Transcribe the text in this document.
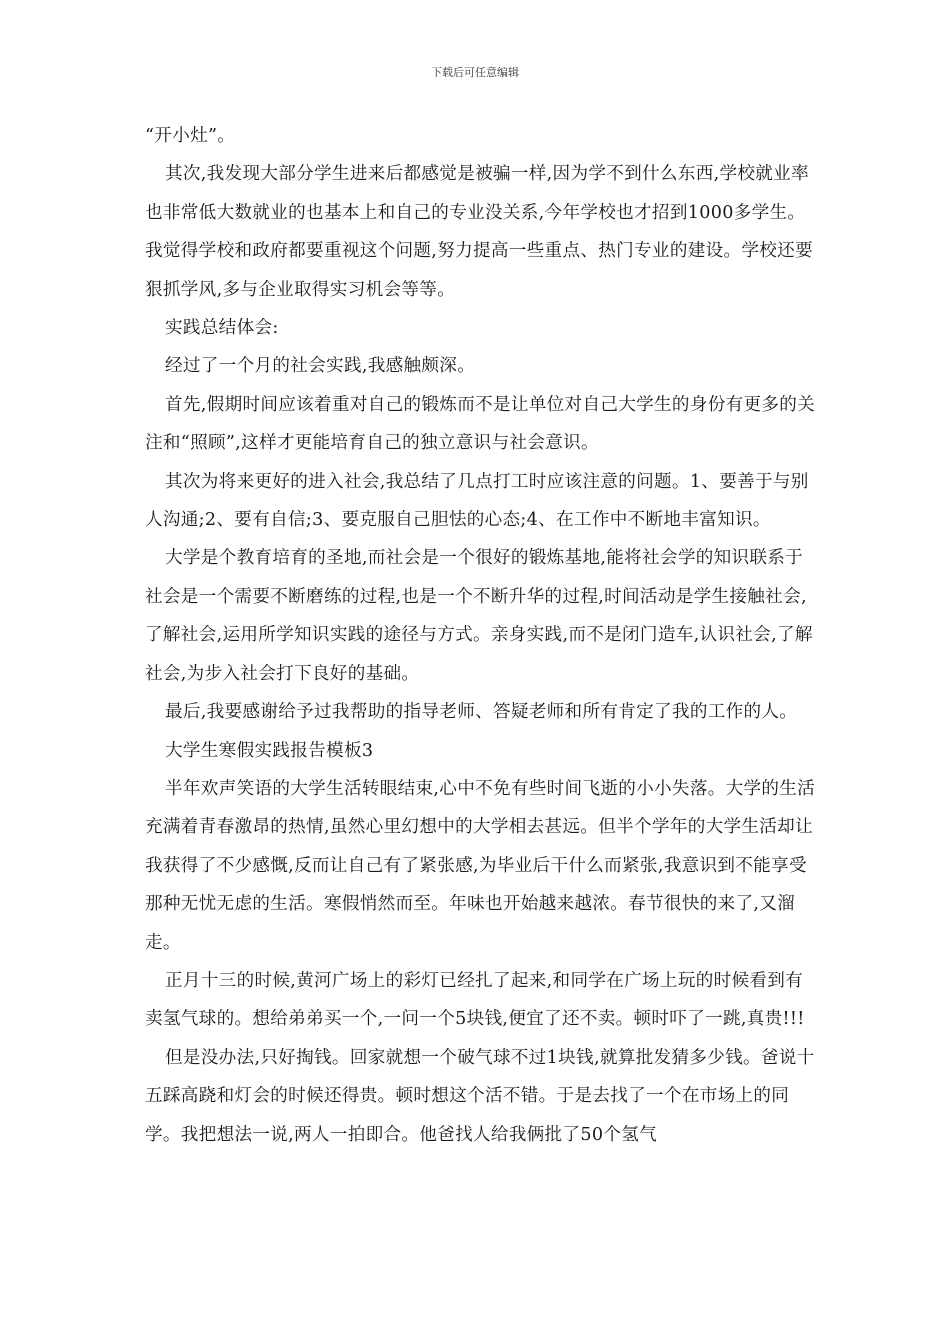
下载后可任意编辑

“开小灶”。

其次,我发现大部分学生进来后都感觉是被骗一样,因为学不到什么东西,学校就业率也非常低大数就业的也基本上和自己的专业没关系,今年学校也才招到1000多学生。我觉得学校和政府都要重视这个问题,努力提高一些重点、热门专业的建设。学校还要狠抓学风,多与企业取得实习机会等等。

实践总结体会:

经过了一个月的社会实践,我感触颇深。

首先,假期时间应该着重对自己的锻炼而不是让单位对自己大学生的身份有更多的关注和“照顾”,这样才更能培育自己的独立意识与社会意识。

其次为将来更好的进入社会,我总结了几点打工时应该注意的问题。1、要善于与别人沟通;2、要有自信;3、要克服自己胆怯的心态;4、在工作中不断地丰富知识。

大学是个教育培育的圣地,而社会是一个很好的锻炼基地,能将社会学的知识联系于社会是一个需要不断磨练的过程,也是一个不断升华的过程,时间活动是学生接触社会,了解社会,运用所学知识实践的途径与方式。亲身实践,而不是闭门造车,认识社会,了解社会,为步入社会打下良好的基础。

最后,我要感谢给予过我帮助的指导老师、答疑老师和所有肯定了我的工作的人。

大学生寒假实践报告模板3

半年欢声笑语的大学生活转眼结束,心中不免有些时间飞逝的小小失落。大学的生活充满着青春激昂的热情,虽然心里幻想中的大学相去甚远。但半个学年的大学生活却让我获得了不少感慨,反而让自己有了紧张感,为毕业后干什么而紧张,我意识到不能享受那种无忧无虑的生活。寒假悄然而至。年味也开始越来越浓。春节很快的来了,又溜走。

正月十三的时候,黄河广场上的彩灯已经扎了起来,和同学在广场上玩的时候看到有卖氢气球的。想给弟弟买一个,一问一个5块钱,便宜了还不卖。顿时吓了一跳,真贵!!!

但是没办法,只好掏钱。回家就想一个破气球不过1块钱,就算批发猜多少钱。爸说十五踩高跷和灯会的时候还得贵。顿时想这个活不错。于是去找了一个在市场上的同学。我把想法一说,两人一拍即合。他爸找人给我俩批了50个氢气
